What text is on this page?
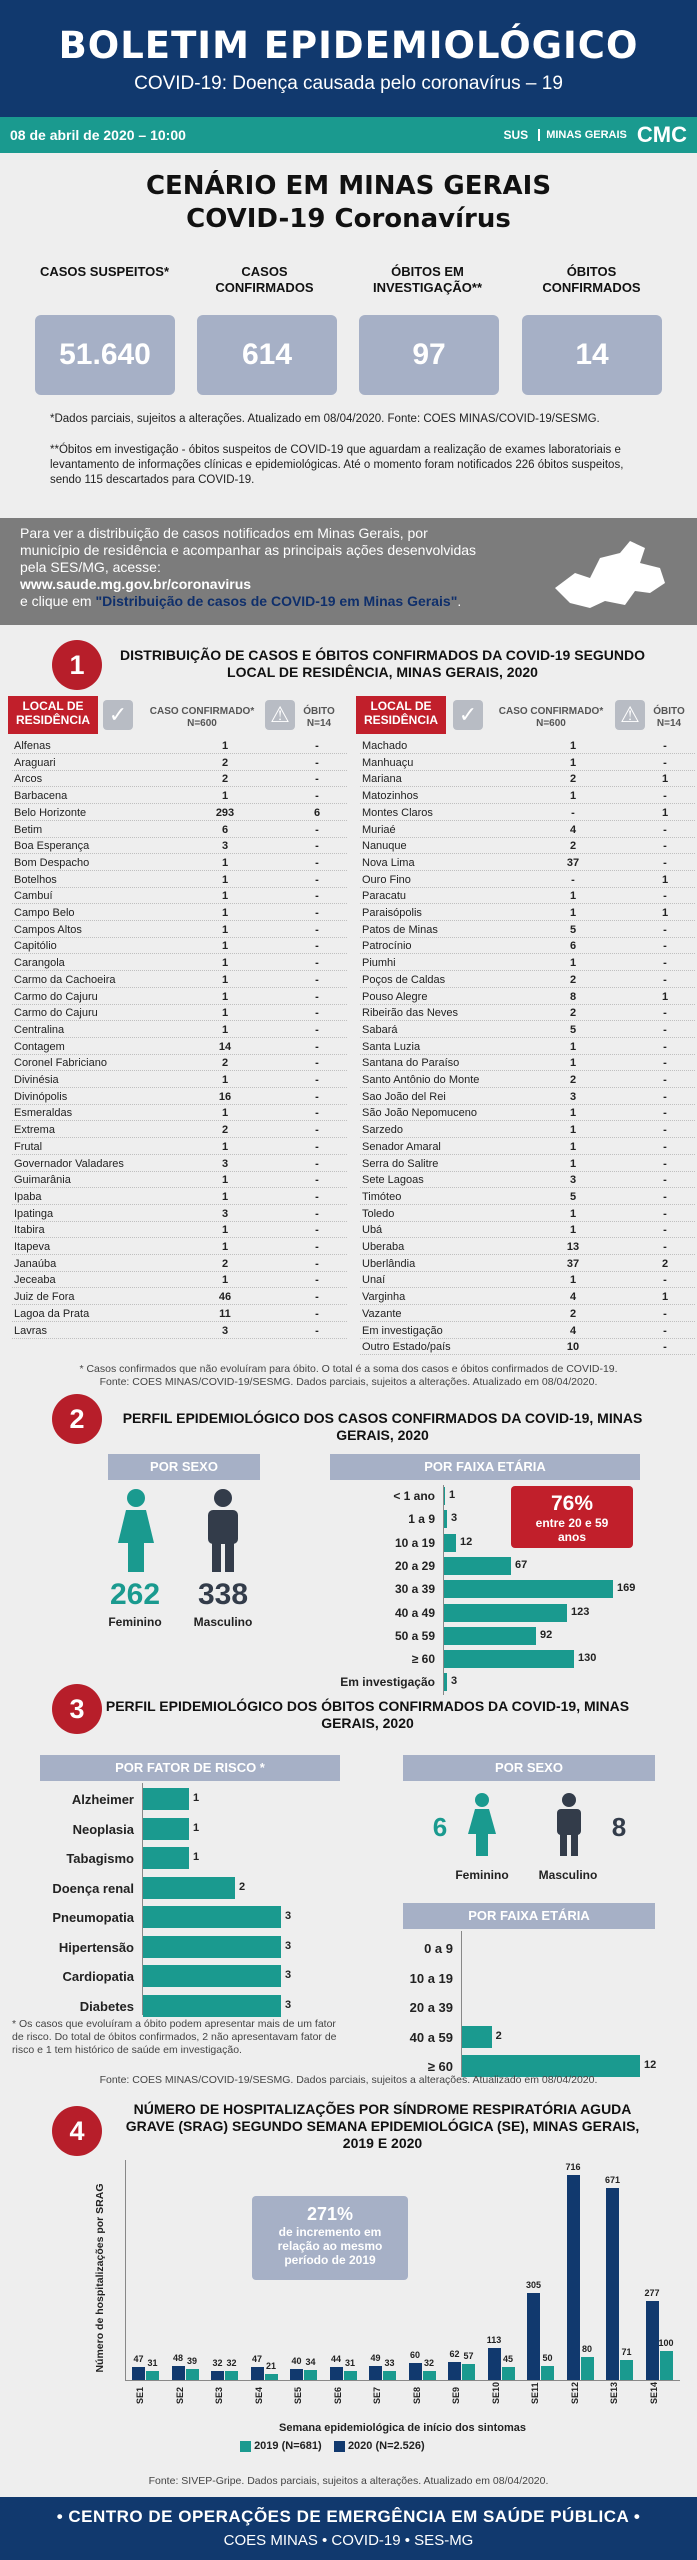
BOLETIM EPIDEMIOLÓGICO
COVID-19: Doença causada pelo coronavírus – 19
08 de abril de 2020 – 10:00	SUS	MINAS GERAIS CMC
CENÁRIO EM MINAS GERAIS
COVID-19 Coronavírus
CASOS SUSPEITOS*	CASOS CONFIRMADOS
ÓBITOS EM INVESTIGAÇÃO**
ÓBITOS CONFIRMADOS
51.640	614	97	14
*Dados parciais, sujeitos a alterações. Atualizado em 08/04/2020. Fonte: COES MINAS/COVID-19/SESMG.
**Óbitos em investigação - óbitos suspeitos de COVID-19 que aguardam a realização de exames laboratoriais e levantamento de informações clínicas e epidemiológicas. Até o momento foram notificados 226 óbitos suspeitos, sendo 115 descartados para COVID-19.
Para ver a distribuição de casos notificados em Minas Gerais, por município de residência e acompanhar as principais ações desenvolvidas pela SES/MG, acesse:
www.saude.mg.gov.br/coronavirus
e clique em "Distribuição de casos de COVID-19 em Minas Gerais".
1	DISTRIBUIÇÃO DE CASOS E ÓBITOS CONFIRMADOS DA COVID-19 SEGUNDO LOCAL DE RESIDÊNCIA, MINAS GERAIS, 2020
LOCAL DE RESIDÊNCIA ✓	CASO CONFIRMADO*
N=600	⚠	ÓBITO
N=14
LOCAL DE RESIDÊNCIA ✓	CASO CONFIRMADO*
N=600	⚠	ÓBITO
N=14
Alfenas	1	-
Araguari	2	-
Arcos	2	-
Barbacena	1	-
Belo Horizonte	293	6
Betim	6	-
Boa Esperança	3	-
Bom Despacho	1	-
Botelhos	1	-
Cambuí	1	-
Campo Belo	1	-
Campos Altos	1	-
Capitólio	1	-
Carangola	1	-
Carmo da Cachoeira	1	-
Carmo do Cajuru	1	-
Carmo do Cajuru	1	-
Centralina	1	-
Contagem	14	-
Coronel Fabriciano	2	-
Divinésia	1	-
Divinópolis	16	-
Esmeraldas	1	-
Extrema	2	-
Frutal	1	-
Governador Valadares	3	-
Guimarânia	1	-
Ipaba	1	-
Ipatinga	3	-
Itabira	1	-
Itapeva	1	-
Janaúba	2	-
Jeceaba	1	-
Juiz de Fora	46	-
Lagoa da Prata	11	-
Lavras	3	-
Machado	1	-
Manhuaçu	1	-
Mariana	2	1
Matozinhos	1	-
Montes Claros	-	1
Muriaé	4	-
Nanuque	2	-
Nova Lima	37	-
Ouro Fino	-	1
Paracatu	1	-
Paraisópolis	1	1
Patos de Minas	5	-
Patrocínio	6	-
Piumhi	1	-
Poços de Caldas	2	-
Pouso Alegre	8	1
Ribeirão das Neves	2	-
Sabará	5	-
Santa Luzia	1	-
Santana do Paraíso	1	-
Santo Antônio do Monte	2	-
Sao João del Rei	3	-
São João Nepomuceno	1	-
Sarzedo	1	-
Senador Amaral	1	-
Serra do Salitre	1	-
Sete Lagoas	3	-
Timóteo	5	-
Toledo	1	-
Ubá	1	-
Uberaba	13	-
Uberlândia	37	2
Unaí	1	-
Varginha	4	1
Vazante	2	-
Em investigação	4	-
Outro Estado/país	10	-
* Casos confirmados que não evoluíram para óbito. O total é a soma dos casos e óbitos confirmados de COVID-19.
Fonte: COES MINAS/COVID-19/SESMG. Dados parciais, sujeitos a alterações. Atualizado em 08/04/2020.
2	PERFIL EPIDEMIOLÓGICO DOS CASOS CONFIRMADOS DA COVID-19, MINAS GERAIS, 2020
POR SEXO
262	338
Feminino	Masculino
POR FAIXA ETÁRIA
< 1 ano 1
1 a 9 3
10 a 19 12
20 a 29	67
30 a 39	169
40 a 49	123
50 a 59	92
≥ 60	130
Em investigação 3
76%
entre 20 e 59 anos
3	PERFIL EPIDEMIOLÓGICO DOS ÓBITOS CONFIRMADOS DA COVID-19, MINAS GERAIS, 2020
POR FATOR DE RISCO *
Alzheimer	1
Neoplasia	1
Tabagismo	1
Doença renal	2
Pneumopatia	3
Hipertensão	3
Cardiopatia	3
Diabetes	3
* Os casos que evoluíram a óbito podem apresentar mais de um fator de risco. Do total de óbitos confirmados, 2 não apresentavam fator de risco e 1 tem histórico de saúde em investigação.
POR SEXO
6	8
Feminino	Masculino
POR FAIXA ETÁRIA
0 a 9
10 a 19
20 a 39
40 a 59	2
≥ 60	12
Fonte: COES MINAS/COVID-19/SESMG. Dados parciais, sujeitos a alterações. Atualizado em 08/04/2020.
4
NÚMERO DE HOSPITALIZAÇÕES POR SÍNDROME RESPIRATÓRIA AGUDA GRAVE (SRAG) SEGUNDO SEMANA EPIDEMIOLÓGICA (SE), MINAS GERAIS, 2019 E 2020
Número de hospitalizações por SRAG	31
47
SE1
39
48
SE2
32
32
SE3
21
47
SE4
34
40
SE5
31
44
SE6
33
49
SE7
32
60
SE8
57
62
SE9
45
113
SE10
50
305
SE11
80
716
SE12
71
671
SE13
100
277
SE14
271%
de incremento em relação ao mesmo período de 2019
Semana epidemiológica de início dos sintomas
2019 (N=681) 2020 (N=2.526)
Fonte: SIVEP-Gripe. Dados parciais, sujeitos a alterações. Atualizado em 08/04/2020.
• CENTRO DE OPERAÇÕES DE EMERGÊNCIA EM SAÚDE PÚBLICA •
COES MINAS • COVID-19 • SES-MG
